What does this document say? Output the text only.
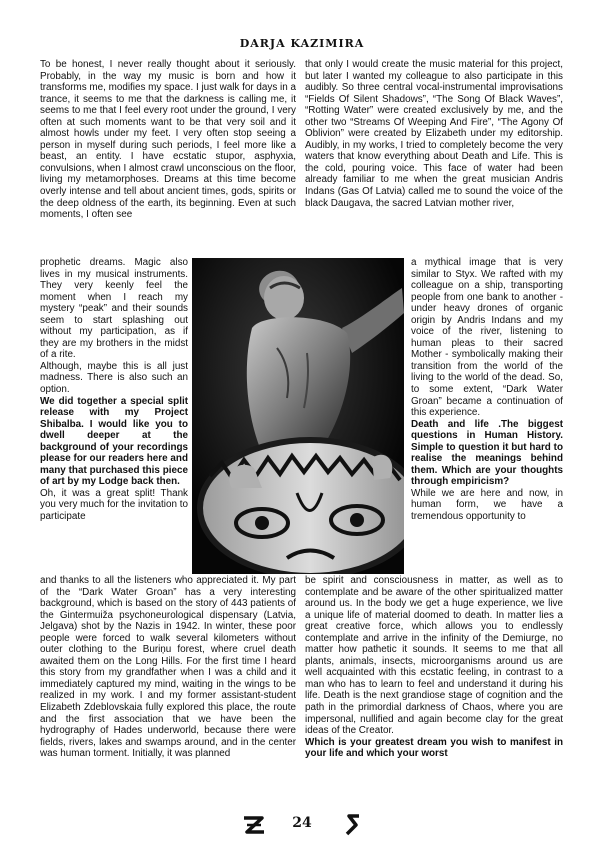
DARJA KAZIMIRA

To be honest, I never really thought about it seriously. Probably, in the way my music is born and how it transforms me, modifies my space. I just walk for days in a trance, it seems to me that the darkness is calling me, it seems to me that I feel every root under the ground, I very often at such moments want to be that very soil and it almost howls under my feet. I very often stop seeing a person in myself during such periods, I feel more like a beast, an entity. I have ecstatic stupor, asphyxia, convulsions, when I almost crawl unconscious on the floor, living my metamorphoses. Dreams at this time become overly intense and tell about ancient times, gods, spirits or the deep oldness of the earth, its beginning. Even at such moments, I often see

that only I would create the music material for this project, but later I wanted my colleague to also participate in this audibly. So three central vocal-instrumental improvisations “Fields Of Silent Shadows”, “The Song Of Black Waves”, “Rotting Water” were created exclusively by me, and the other two “Streams Of Weeping And Fire”, “The Agony Of Oblivion” were created by Elizabeth under my editorship. Audibly, in my works, I tried to completely become the very waters that know everything about Death and Life. This is the cold, pouring voice. This face of water had been already familiar to me when the great musician Andris Indans (Gas Of Latvia) called me to sound the voice of the black Daugava, the sacred Latvian mother river,

prophetic dreams. Magic also lives in my musical instruments. They very keenly feel the moment when I reach my mystery “peak” and their sounds seem to start splashing out without my participation, as if they are my brothers in the midst of a rite.

Although, maybe this is all just madness. There is also such an option.

We did together a special split release with my Project Shibalba. I would like you to dwell deeper at the background of your recordings please for our readers here and many that purchased this piece of art by my Lodge back then.

Oh, it was a great split! Thank you very much for the invitation to participate

a mythical image that is very similar to Styx. We rafted with my colleague on a ship, transporting people from one bank to another - under heavy drones of organic origin by Andris Indans and my voice of the river, listening to human pleas to their sacred Mother - symbolically making their transition from the world of the living to the world of the dead. So, to some extent, “Dark Water Groan” became a continuation of this experience.

Death and life .The biggest questions in Human History. Simple to question it but hard to realise the meanings behind them. Which are your thoughts through empiricism?

While we are here and now, in human form, we have a tremendous opportunity to

and thanks to all the listeners who appreciated it. My part of the “Dark Water Groan” has a very interesting background, which is based on the story of 443 patients of the Gintermuiža psychoneurological dispensary (Latvia, Jelgava) shot by the Nazis in 1942. In winter, these poor people were forced to walk several kilometers without outer clothing to the Buriņu forest, where cruel death awaited them on the Long Hills. For the first time I heard this story from my grandfather when I was a child and it immediately captured my mind, waiting in the wings to be realized in my work. I and my former assistant-student Elizabeth Zdeblovskaia fully explored this place, the route and the first association that we have been the hydrography of Hades underworld, because there were fields, rivers, lakes and swamps around, and in the center was human torment. Initially, it was planned

be spirit and consciousness in matter, as well as to contemplate and be aware of the other spiritualized matter around us. In the body we get a huge experience, we live a unique life of material doomed to death. In matter lies a great creative force, which allows you to endlessly contemplate and arrive in the infinity of the Demiurge, no matter how pathetic it sounds. It seems to me that all plants, animals, insects, microorganisms around us are well acquainted with this ecstatic feeling, in contrast to a man who has to learn to feel and understand it during his life. Death is the next grandiose stage of cognition and the path in the primordial darkness of Chaos, where you are impersonal, nullified and again become clay for the great ideas of the Creator.

Which is your greatest dream you wish to manifest in your life and which your worst

24
